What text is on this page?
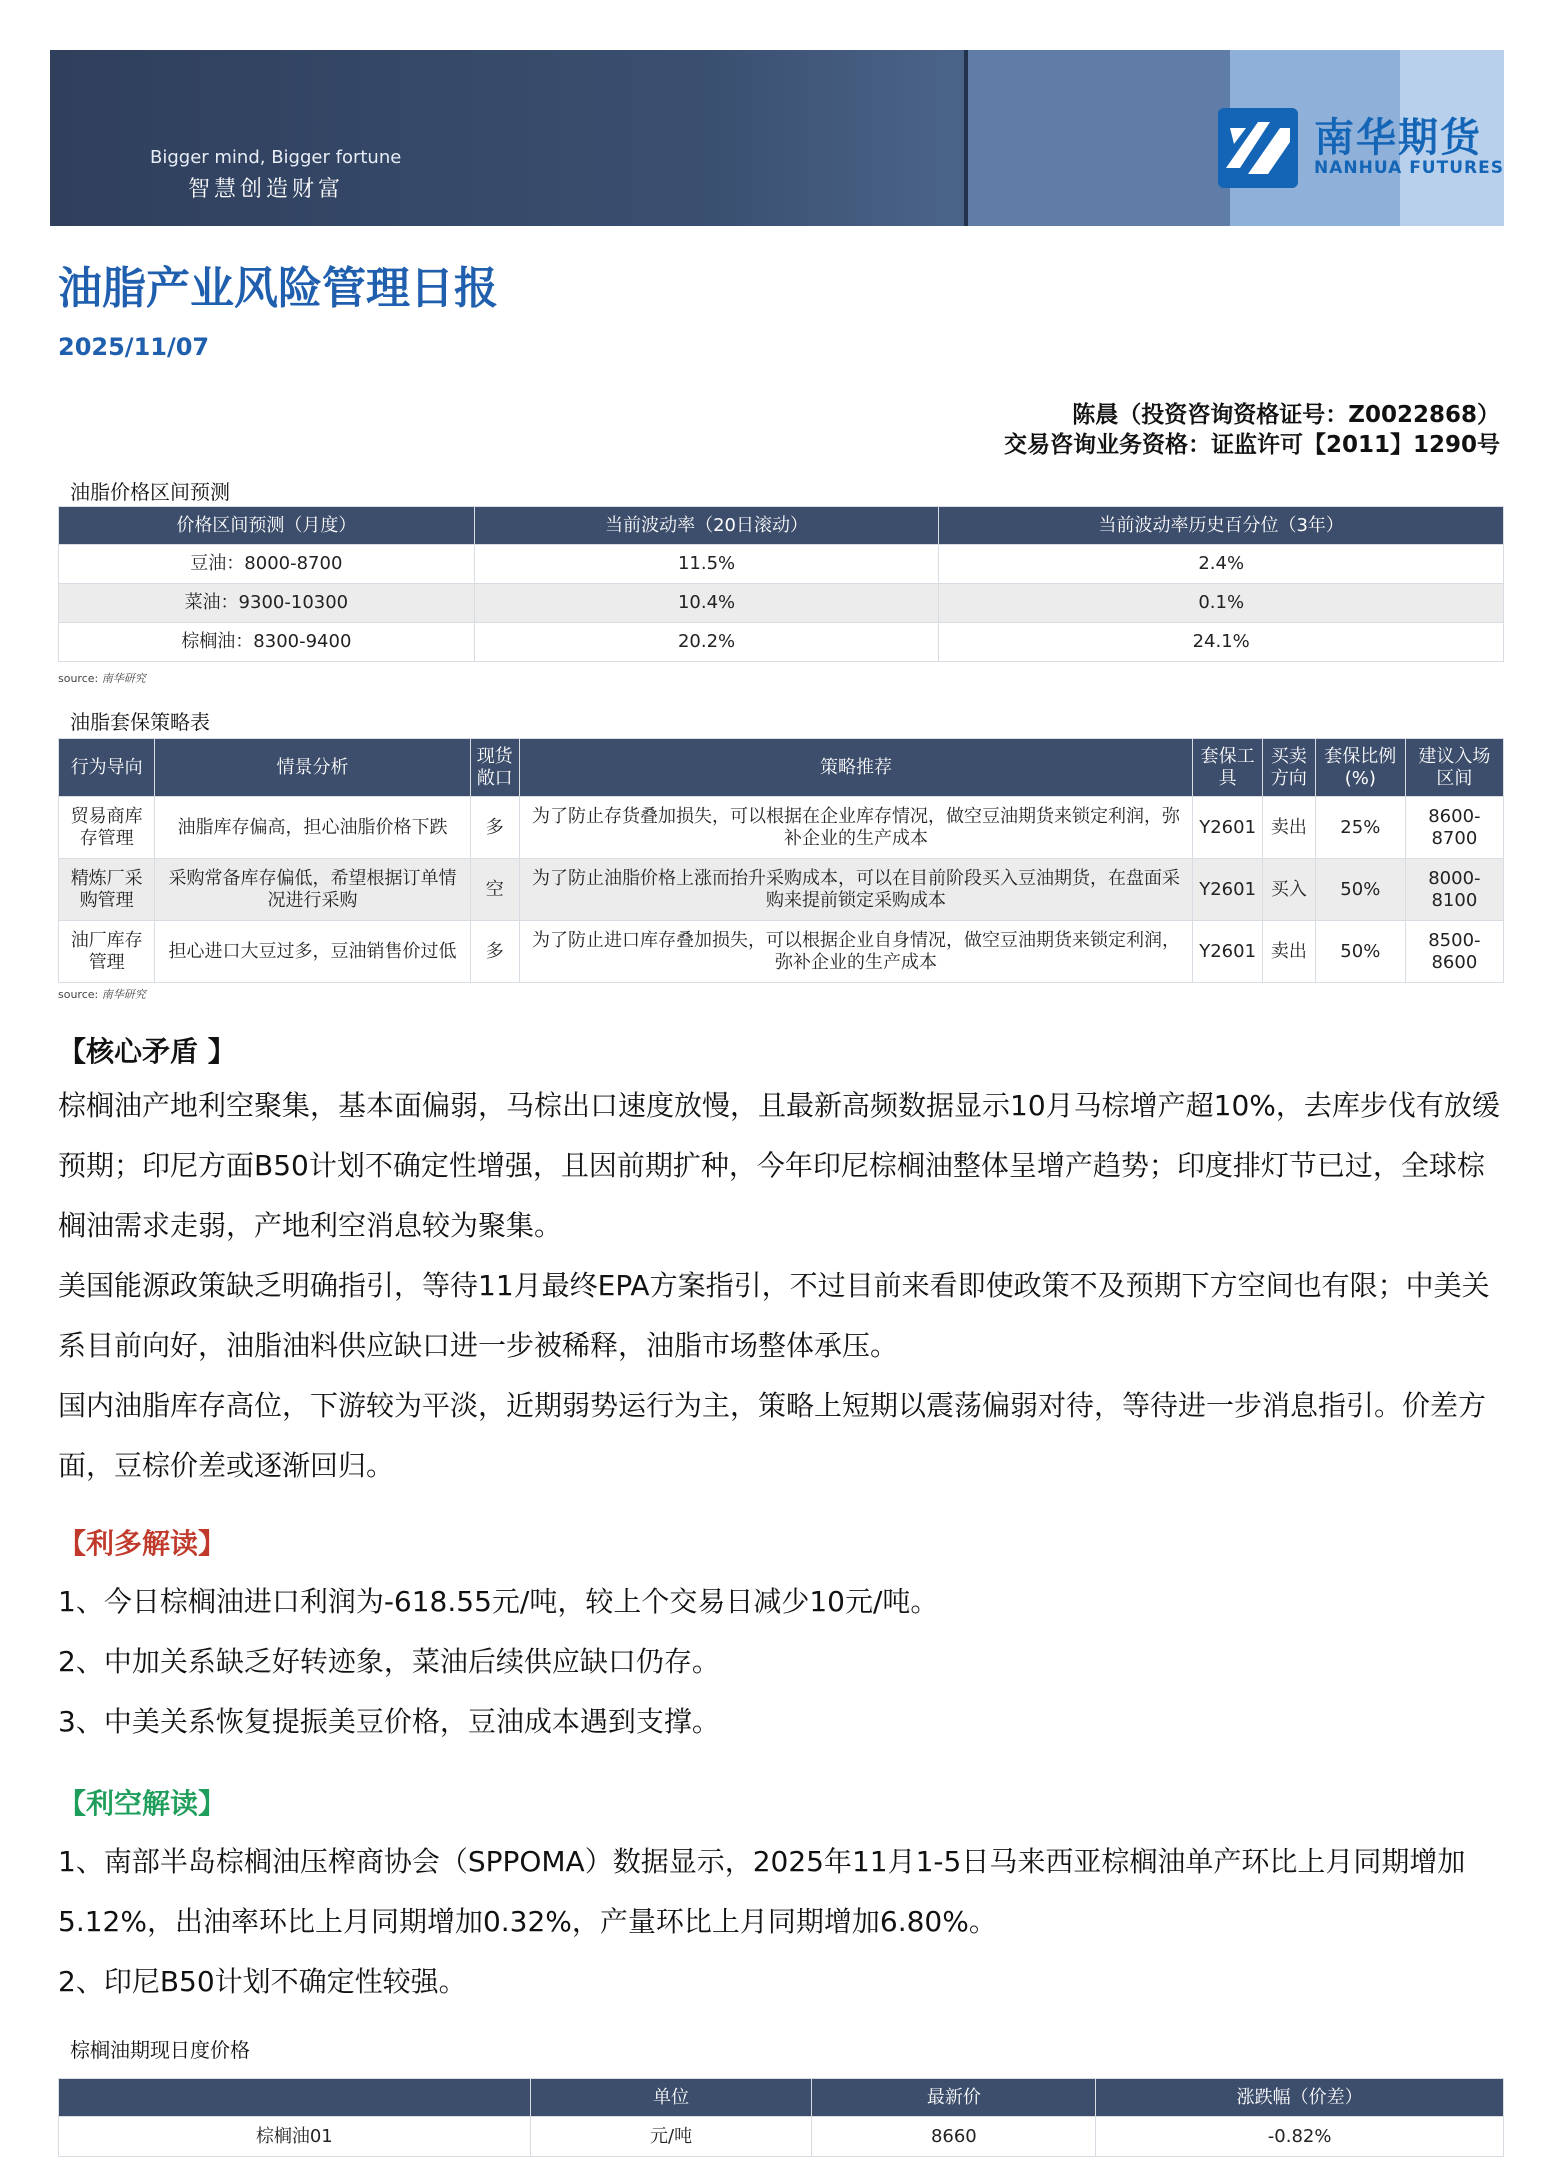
Bigger mind, Bigger fortune
智慧创造财富
南华期货
NANHUA FUTURES
油脂产业风险管理日报
2025/11/07
陈晨（投资咨询资格证号：Z0022868）
交易咨询业务资格：证监许可【2011】1290号
油脂价格区间预测
价格区间预测（月度）	当前波动率（20日滚动）	当前波动率历史百分位（3年）
豆油：8000-8700	11.5%	2.4%
菜油：9300-10300	10.4%	0.1%
棕榈油：8300-9400	20.2%	24.1%
source: 南华研究
油脂套保策略表
行为导向	情景分析	现货敞口	策略推荐	套保工具	买卖方向	套保比例(%)	建议入场区间
贸易商库存管理	油脂库存偏高，担心油脂价格下跌	多	为了防止存货叠加损失，可以根据在企业库存情况，做空豆油期货来锁定利润，弥补企业的生产成本	Y2601	卖出	25%	8600-8700
精炼厂采购管理	采购常备库存偏低，希望根据订单情况进行采购	空	为了防止油脂价格上涨而抬升采购成本，可以在目前阶段买入豆油期货，在盘面采购来提前锁定采购成本	Y2601	买入	50%	8000-8100
油厂库存管理	担心进口大豆过多，豆油销售价过低	多	为了防止进口库存叠加损失，可以根据企业自身情况，做空豆油期货来锁定利润，弥补企业的生产成本	Y2601	卖出	50%	8500-8600
source: 南华研究
【核心矛盾 】
棕榈油产地利空聚集，基本面偏弱，马棕出口速度放慢，且最新高频数据显示10月马棕增产超10%，去库步伐有放缓预期；印尼方面B50计划不确定性增强，且因前期扩种，今年印尼棕榈油整体呈增产趋势；印度排灯节已过，全球棕榈油需求走弱，产地利空消息较为聚集。
美国能源政策缺乏明确指引，等待11月最终EPA方案指引，不过目前来看即使政策不及预期下方空间也有限；中美关系目前向好，油脂油料供应缺口进一步被稀释，油脂市场整体承压。
国内油脂库存高位，下游较为平淡，近期弱势运行为主，策略上短期以震荡偏弱对待，等待进一步消息指引。价差方面，豆棕价差或逐渐回归。
【利多解读】
1、今日棕榈油进口利润为-618.55元/吨，较上个交易日减少10元/吨。
2、中加关系缺乏好转迹象，菜油后续供应缺口仍存。
3、中美关系恢复提振美豆价格，豆油成本遇到支撑。
【利空解读】
1、南部半岛棕榈油压榨商协会（SPPOMA）数据显示，2025年11月1-5日马来西亚棕榈油单产环比上月同期增加5.12%，出油率环比上月同期增加0.32%，产量环比上月同期增加6.80%。
2、印尼B50计划不确定性较强。
棕榈油期现日度价格
	单位	最新价	涨跌幅（价差）
棕榈油01	元/吨	8660	-0.82%
